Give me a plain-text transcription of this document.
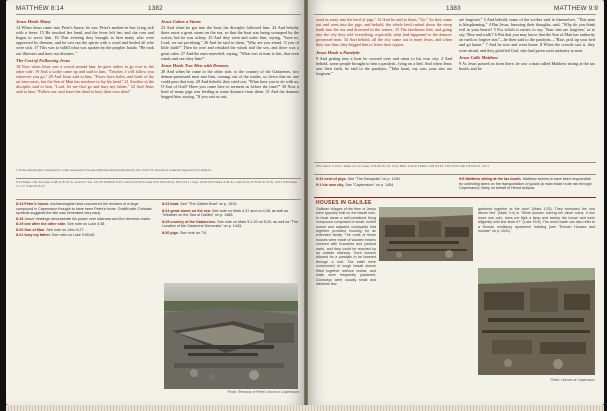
MATTHEW 8:14	1382
Jesus Heals Many

14 When Jesus came into Peter's house, he saw Peter's mother-in-law lying sick with a fever. 15 He touched her hand, and the fever left her, and she rose and began to serve him. 16 That evening they brought to him many who were oppressed by demons, and he cast out the spirits with a word and healed all who were sick. 17 This was to fulfill what was spoken by the prophet Isaiah: "He took our illnesses and bore our diseases."

The Cost of Following Jesus

18 Now when Jesus saw a crowd around him, he gave orders to go over to the other side. 19 And a scribe came up and said to him, "Teacher, I will follow you wherever you go." 20 And Jesus said to him, "Foxes have holes, and birds of the air have nests, but the Son of Man has nowhere to lay his head." 21 Another of the disciples said to him, "Lord, let me first go and bury my father." 22 And Jesus said to him, "Follow me, and leave the dead to bury their own dead."

Jesus Calms a Storm

23 And when he got into the boat, his disciples followed him. 24 And behold, there arose a great storm on the sea, so that the boat was being swamped by the waves; but he was asleep. 25 And they went and woke him, saying, "Save us, Lord; we are perishing." 26 And he said to them, "Why are you afraid, O you of little faith?" Then he rose and rebuked the winds and the sea, and there was a great calm. 27 And the men marveled, saying, "What sort of man is this, that even winds and sea obey him?"

Jesus Heals Two Men with Demons

28 And when he came to the other side, to the country of the Gadarenes, two demon-possessed men met him, coming out of the tombs, so fierce that no one could pass that way. 29 And behold, they cried out, "What have you to do with us, O Son of God? Have you come here to torment us before the time?" 30 Now a herd of many pigs was feeding at some distance from them. 31 And the demons begged him, saying, "If you cast us out,

1 Some manuscripts Gergesenes; some Gerasenes 2 Greek daimonizomai (demonized); also verse 33; elsewhere rendered oppressed by demons
8:14 Mark 1:29-34; Luke 4:38-41 8:16 ch. 4:24 8:17 Isa. 53:4 8:18 Mark 4:35; Luke 8:22 8:19 Luke 9:57-60 8:20 Ps. 84:3 8:21 1 Kgs. 19:20 8:23 Mark 4:36-41; Luke 8:22-25 8:26 ch. 6:30; 14:31 8:28 Mark 5:1-17; Luke 8:26-37

8:14 Peter's house. Archaeologists have uncovered the remains of a large compound in Capernaum thought to have been Peter's home. Graffiti with Christian symbols suggests the site was venerated very early.

8:16 Jesus' healings demonstrate his power over sickness and the demonic realm.

8:19 one after the other side. See note on Luke 4:38.

8:20 Son of Man. See note on John 5:27.

8:21 bury my father. See note on Luke 9:59-60.

8:23 boat. See "The Galilee Boat" on p. 1510.

8:24 great storm on the sea. See note on Mark 4:37 and on 4:38, as well as "Weather on the Sea of Galilee" on p. 1488.

8:28 country of the Gadarenes. See note on Mark 5:1-20 on 5:20, as well as "The Location of the Gadarene Demoniac" on p. 1443.

8:30 pigs. See note on 7:6.

Photo: Remains of Peter's house in Capernaum
1383	MATTHEW 9:9

send us away into the herd of pigs." 32 And he said to them, "Go." So they came out and went into the pigs, and behold, the whole herd rushed down the steep bank into the sea and drowned in the waters. 33 The herdsmen fled, and going into the city they told everything, especially what had happened to the demon-possessed men. 34 And behold, all the city came out to meet Jesus, and when they saw him, they begged him to leave their region.

Jesus Heals a Paralytic

9 And getting into a boat he crossed over and came to his own city. 2 And behold, some people brought to him a paralytic, lying on a bed. And when Jesus saw their faith, he said to the paralytic, "Take heart, my son; your sins are forgiven."

are forgiven." 3 And behold, some of the scribes said to themselves, "This man is blaspheming." 4 But Jesus, knowing their thoughts, said, "Why do you think evil in your hearts? 5 For which is easier, to say, 'Your sins are forgiven,' or to say, 'Rise and walk'? 6 But that you may know that the Son of Man has authority on earth to forgive sins"—he then said to the paralytic—"Rise, pick up your bed and go home." 7 And he rose and went home. 8 When the crowds saw it, they were afraid, and they glorified God, who had given such authority to men.

Jesus Calls Matthew

9 As Jesus passed on from there, he saw a man called Matthew sitting at the tax booth, and he

8:34 Amos 7:12 9:1 Mark 2:3-12; Luke 5:18-26 9:2 ch. 4:24; Matt. 9:22 9:3 Mark 3:28 9:4 Ps. 139:2 9:6 John 5:8 9:8 ch. 15:31

8:32 herd of pigs. See "The Decapolis" on p. 1494.

9:1 his own city. See "Capernaum" on p. 1454.

9:9 Matthew sitting at the tax booth. Matthew seems to have been responsible for collecting taxes on the transportation of goods (a main trade route ran through Capernaum), likely on behalf of Herod Antipas.

HOUSES IN GALILEE
Galilean villages of the time of Jesus were typically built on the basalt rock. In most areas a self-contained living compound composed of small, roofed rooms and adjacent courtyards that together provided housing for an extended family. The roofs of these houses were made of wooden beams covered with branches and packed earth, and they could be reached by an outside stairway. Such houses allowed for a paralytic to be lowered through a roof. The walls were constructed of rough basalt stones fitted together without mortar, and walls were frequently plastered. Doorways were usually small and windows few.
gathered together at the door" (Mark 1:33). They borrowed the roof above him" (Mark 2:4) in "What woman, having ten silver coins, if she loses one coin, does not light a lamp and sweep the house and seek diligently until she finds it?" (Luke 15:8). The word made can also refer to a Roman multistory apartment building (see "Roman Houses and Insulae" on p. 1641).
Photo: Houses at Capernaum
